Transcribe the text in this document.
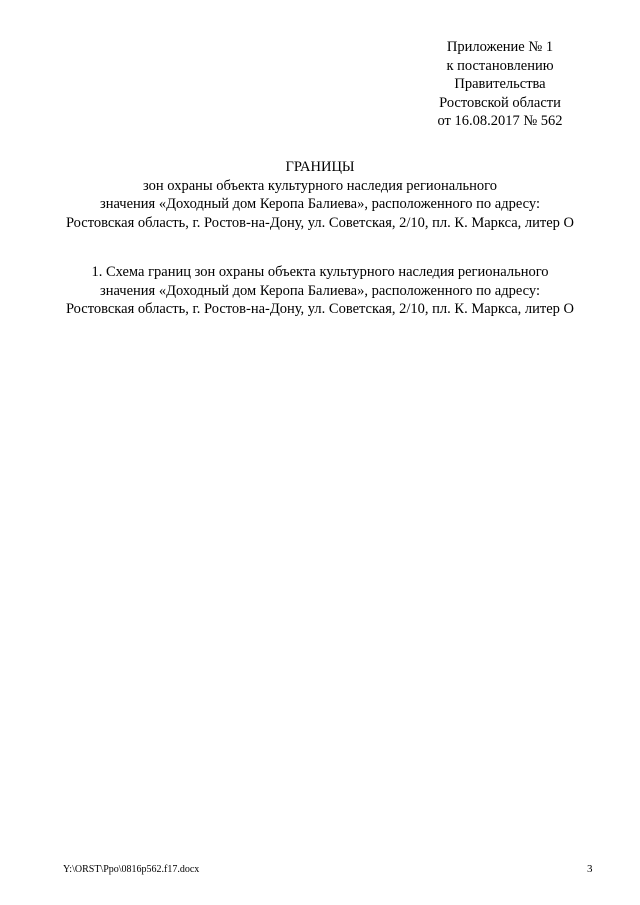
Приложение № 1
к постановлению
Правительства
Ростовской области
от 16.08.2017 № 562
ГРАНИЦЫ
зон охраны объекта культурного наследия регионального
значения «Доходный дом Керопа Балиева», расположенного по адресу:
Ростовская область, г. Ростов-на-Дону, ул. Советская, 2/10, пл. К. Маркса, литер О
1. Схема границ зон охраны объекта культурного наследия регионального
значения «Доходный дом Керопа Балиева», расположенного по адресу:
Ростовская область, г. Ростов-на-Дону, ул. Советская, 2/10, пл. К. Маркса, литер О
Y:\ORST\Ppo\0816p562.f17.docx	3
